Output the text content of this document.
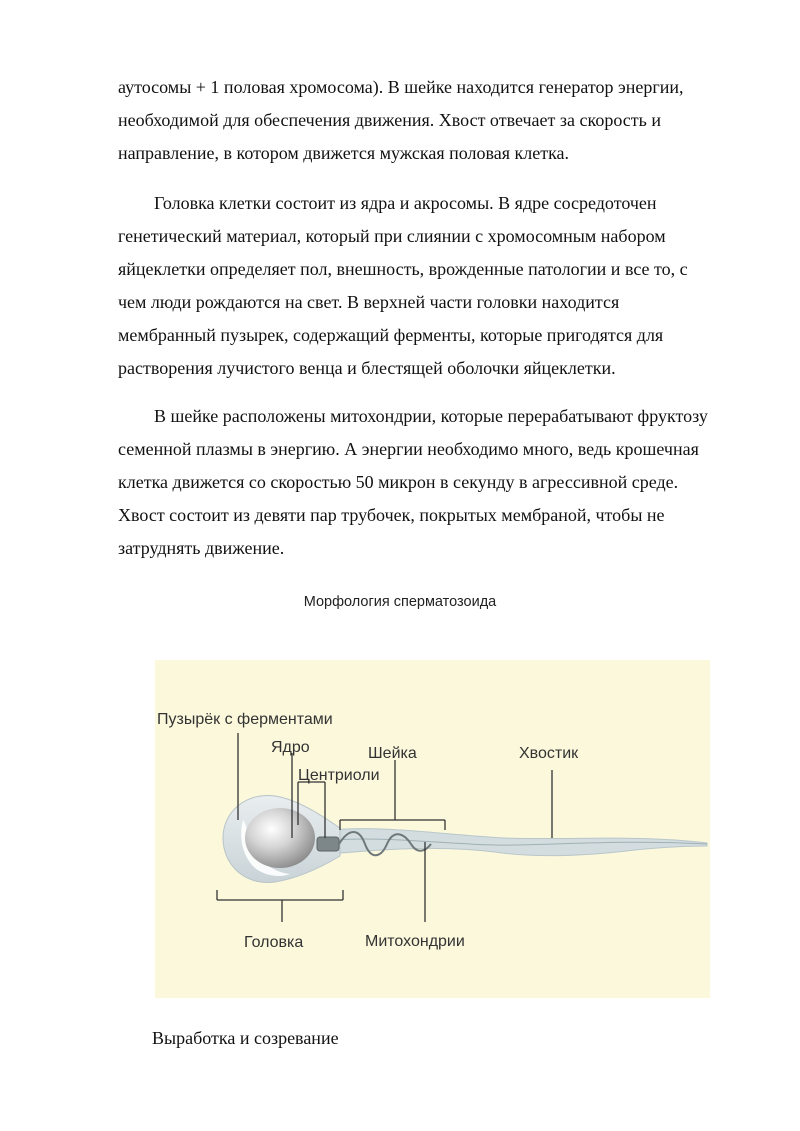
аутосомы + 1 половая хромосома). В шейке находится генератор энергии,
необходимой для обеспечения движения. Хвост отвечает за скорость и
направление, в котором движется мужская половая клетка.

Головка клетки состоит из ядра и акросомы. В ядре сосредоточен
генетический материал, который при слиянии с хромосомным набором
яйцеклетки определяет пол, внешность, врожденные патологии и все то, с
чем люди рождаются на свет. В верхней части головки находится
мембранный пузырек, содержащий ферменты, которые пригодятся для
растворения лучистого венца и блестящей оболочки яйцеклетки.

В шейке расположены митохондрии, которые перерабатывают фруктозу
семенной плазмы в энергию. А энергии необходимо много, ведь крошечная
клетка движется со скоростью 50 микрон в секунду в агрессивной среде.
Хвост состоит из девяти пар трубочек, покрытых мембраной, чтобы не
затруднять движение.

Морфология сперматозоида
Пузырёк с ферментами
Ядро
Центриоли
Шейка	Хвостик
Головка	Митохондрии

Выработка и созревание
